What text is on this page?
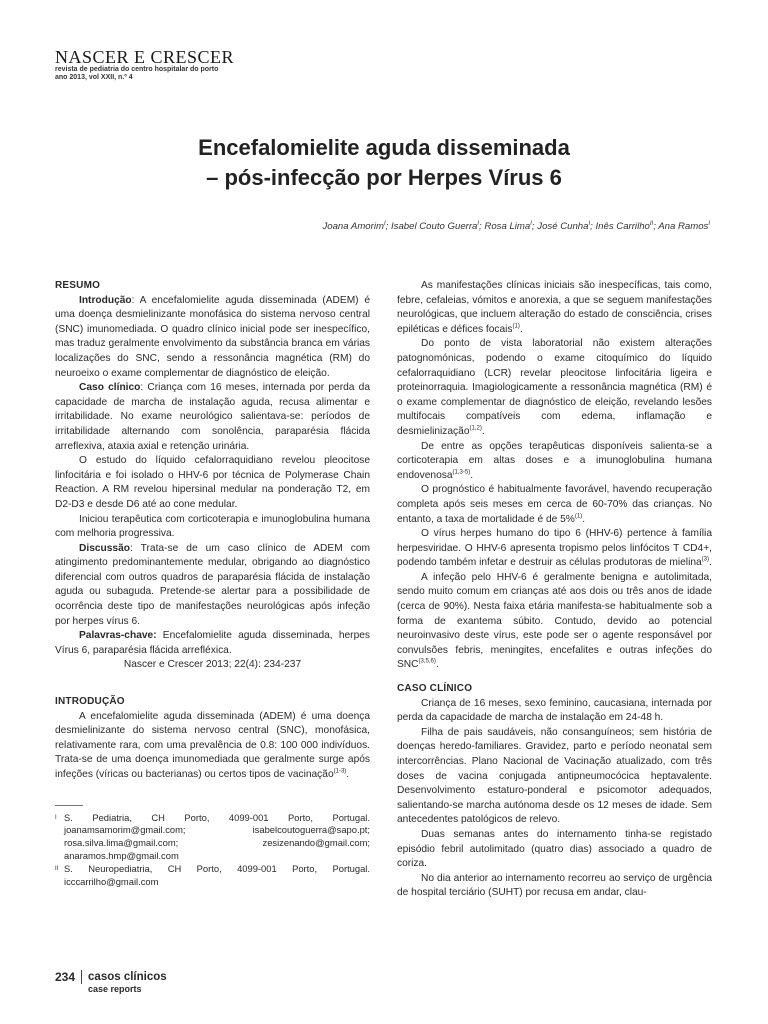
NASCER E CRESCER
revista de pediatria do centro hospitalar do porto
ano 2013, vol XXII, n.º 4
Encefalomielite aguda disseminada
– pós-infecção por Herpes Vírus 6
Joana Amorim$^I$; Isabel Couto Guerra$^I$; Rosa Lima$^I$; José Cunha$^I$; Inês Carrilho$^{II}$; Ana Ramos$^I$

RESUMO

Introdução: A encefalomielite aguda disseminada (ADEM) é uma doença desmielinizante monofásica do sistema nervoso central (SNC) imunomediada. O quadro clínico inicial pode ser inespecífico, mas traduz geralmente envolvimento da substância branca em várias localizações do SNC, sendo a ressonância magnética (RM) do neuroeixo o exame complementar de diagnóstico de eleição.

Caso clínico: Criança com 16 meses, internada por perda da capacidade de marcha de instalação aguda, recusa alimentar e irritabilidade. No exame neurológico salientava-se: períodos de irritabilidade alternando com sonolência, paraparésia flácida arreflexiva, ataxia axial e retenção urinária.

O estudo do líquido cefalorraquidiano revelou pleocitose linfocitária e foi isolado o HHV-6 por técnica de Polymerase Chain Reaction. A RM revelou hipersinal medular na ponderação T2, em D2-D3 e desde D6 até ao cone medular.

Iniciou terapêutica com corticoterapia e imunoglobulina humana com melhoria progressiva.

Discussão: Trata-se de um caso clínico de ADEM com atingimento predominantemente medular, obrigando ao diagnóstico diferencial com outros quadros de paraparésia flácida de instalação aguda ou subaguda. Pretende-se alertar para a possibilidade de ocorrência deste tipo de manifestações neurológicas após infeção por herpes vírus 6.

Palavras-chave: Encefalomielite aguda disseminada, herpes Vírus 6, paraparésia flácida arrefléxica.

Nascer e Crescer 2013; 22(4): 234-237

INTRODUÇÃO

A encefalomielite aguda disseminada (ADEM) é uma doença desmielinizante do sistema nervoso central (SNC), monofásica, relativamente rara, com uma prevalência de 0.8: 100 000 indivíduos. Trata-se de uma doença imunomediada que geralmente surge após infeções (víricas ou bacterianas) ou certos tipos de vacinação$^{(1-3)}$.

I S. Pediatria, CH Porto, 4099-001 Porto, Portugal. joanamsamorim@gmail.com; isabelcoutoguerra@sapo.pt; rosa.silva.lima@gmail.com; zesizenando@gmail.com; anaramos.hmp@gmail.com
II S. Neuropediatria, CH Porto, 4099-001 Porto, Portugal. icccarrilho@gmail.com

As manifestações clínicas iniciais são inespecíficas, tais como, febre, cefaleias, vómitos e anorexia, a que se seguem manifestações neurológicas, que incluem alteração do estado de consciência, crises epiléticas e défices focais$^{(1)}$.

Do ponto de vista laboratorial não existem alterações patognomónicas, podendo o exame citoquímico do líquido cefalorraquidiano (LCR) revelar pleocitose linfocitária ligeira e proteinorraquia. Imagiologicamente a ressonância magnética (RM) é o exame complementar de diagnóstico de eleição, revelando lesões multifocais compatíveis com edema, inflamação e desmielinização$^{(1,2)}$.

De entre as opções terapêuticas disponíveis salienta-se a corticoterapia em altas doses e a imunoglobulina humana endovenosa$^{(1,3-5)}$.

O prognóstico é habitualmente favorável, havendo recuperação completa após seis meses em cerca de 60-70% das crianças. No entanto, a taxa de mortalidade é de 5%$^{(1)}$.

O vírus herpes humano do tipo 6 (HHV-6) pertence à família herpesviridae. O HHV-6 apresenta tropismo pelos linfócitos T CD4+, podendo também infetar e destruir as células produtoras de mielina$^{(3)}$.

A infeção pelo HHV-6 é geralmente benigna e autolimitada, sendo muito comum em crianças até aos dois ou três anos de idade (cerca de 90%). Nesta faixa etária manifesta-se habitualmente sob a forma de exantema súbito. Contudo, devido ao potencial neuroinvasivo deste vírus, este pode ser o agente responsável por convulsões febris, meningites, encefalites e outras infeções do SNC$^{(3,5,6)}$.

CASO CLÍNICO

Criança de 16 meses, sexo feminino, caucasiana, internada por perda da capacidade de marcha de instalação em 24-48 h.

Filha de pais saudáveis, não consanguíneos; sem história de doenças heredo-familiares. Gravidez, parto e período neonatal sem intercorrências. Plano Nacional de Vacinação atualizado, com três doses de vacina conjugada antipneumocócica heptavalente. Desenvolvimento estaturo-ponderal e psicomotor adequados, salientando-se marcha autónoma desde os 12 meses de idade. Sem antecedentes patológicos de relevo.

Duas semanas antes do internamento tinha-se registado episódio febril autolimitado (quatro dias) associado a quadro de coriza.

No dia anterior ao internamento recorreu ao serviço de urgência de hospital terciário (SUHT) por recusa em andar, clau-

234	casos clínicos
case reports
